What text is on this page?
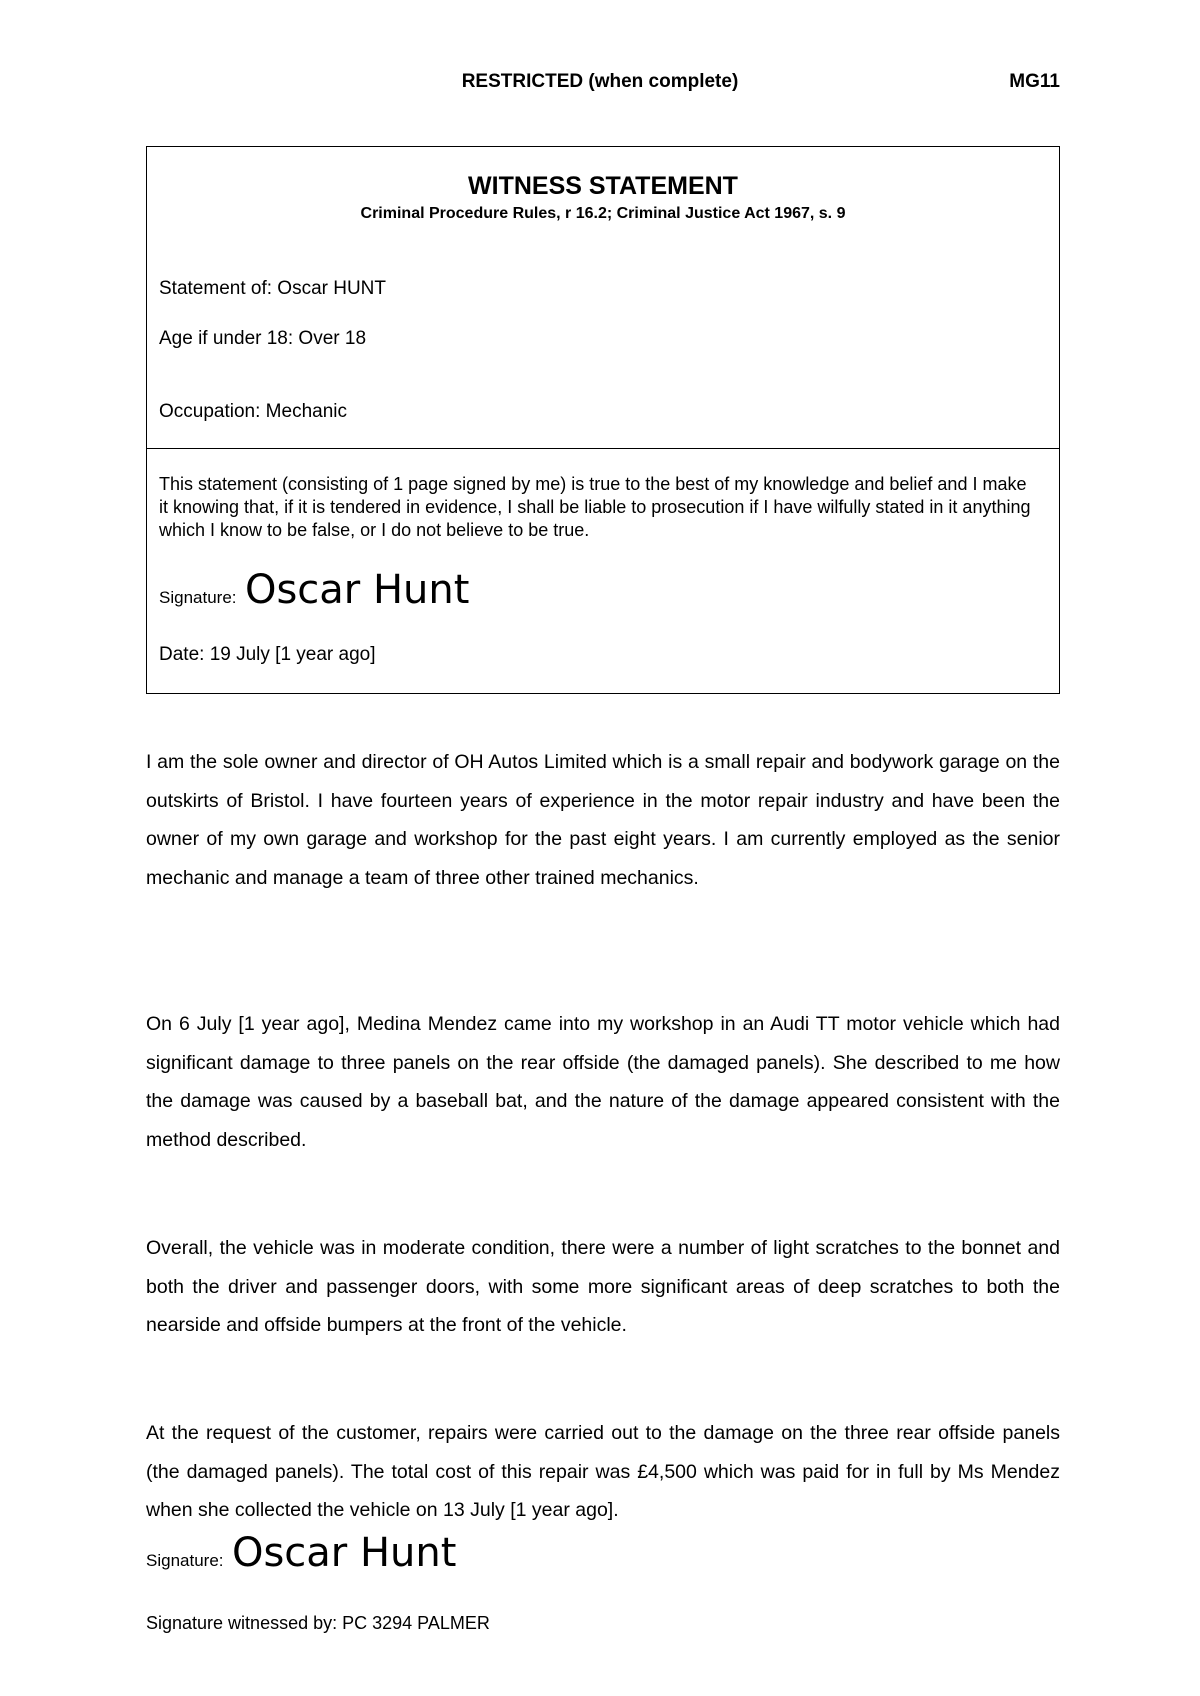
RESTRICTED (when complete)	MG11
WITNESS STATEMENT
Criminal Procedure Rules, r 16.2; Criminal Justice Act 1967, s. 9
Statement of: Oscar HUNT
Age if under 18: Over 18
Occupation: Mechanic
This statement (consisting of 1 page signed by me) is true to the best of my knowledge and belief and I make it knowing that, if it is tendered in evidence, I shall be liable to prosecution if I have wilfully stated in it anything which I know to be false, or I do not believe to be true.
Signature: Oscar Hunt
Date: 19 July [1 year ago]

I am the sole owner and director of OH Autos Limited which is a small repair and bodywork garage on the outskirts of Bristol. I have fourteen years of experience in the motor repair industry and have been the owner of my own garage and workshop for the past eight years. I am currently employed as the senior mechanic and manage a team of three other trained mechanics.

On 6 July [1 year ago], Medina Mendez came into my workshop in an Audi TT motor vehicle which had significant damage to three panels on the rear offside (the damaged panels). She described to me how the damage was caused by a baseball bat, and the nature of the damage appeared consistent with the method described.

Overall, the vehicle was in moderate condition, there were a number of light scratches to the bonnet and both the driver and passenger doors, with some more significant areas of deep scratches to both the nearside and offside bumpers at the front of the vehicle.

At the request of the customer, repairs were carried out to the damage on the three rear offside panels (the damaged panels). The total cost of this repair was £4,500 which was paid for in full by Ms Mendez when she collected the vehicle on 13 July [1 year ago].

Signature: Oscar Hunt
Signature witnessed by: PC 3294 PALMER
